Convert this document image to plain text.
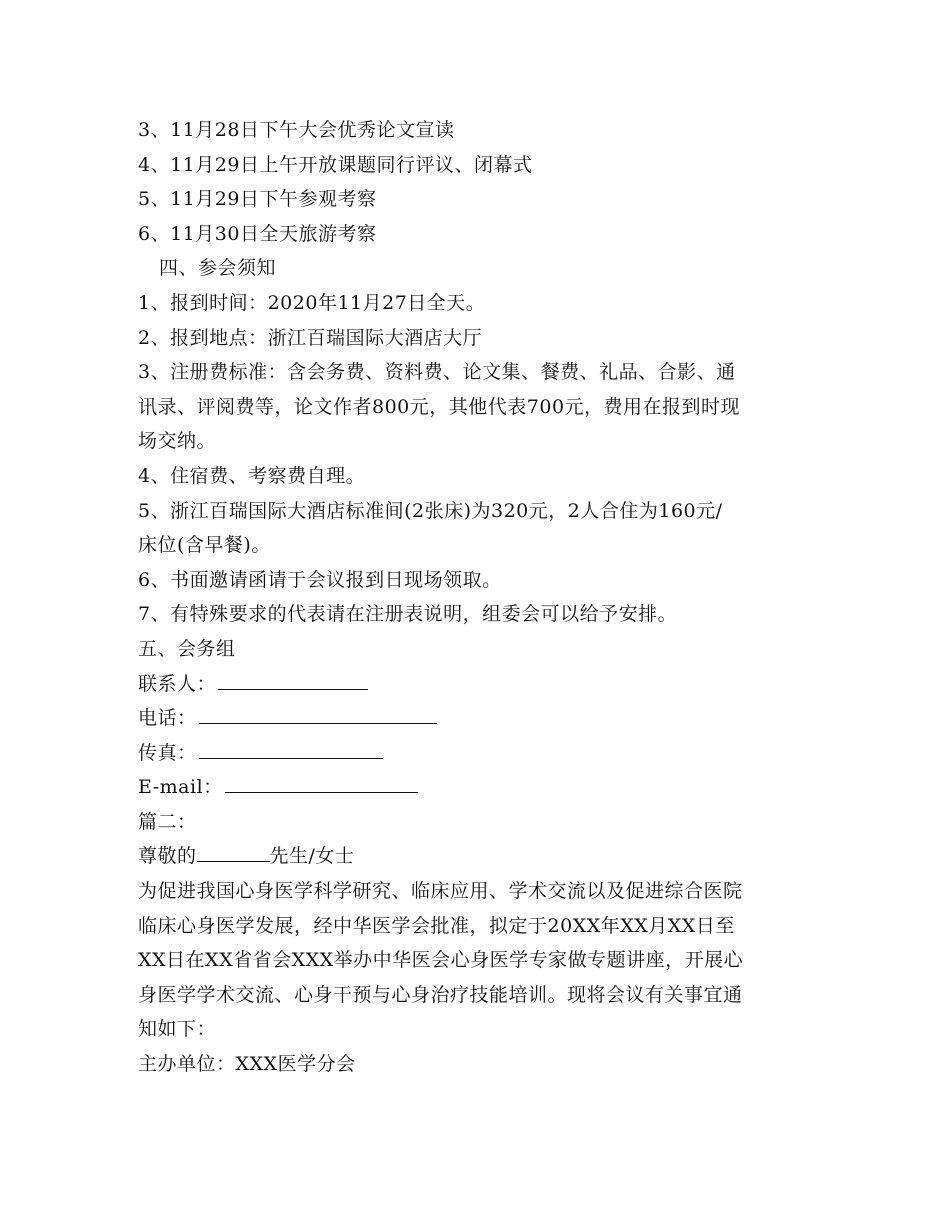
3、11月28日下午大会优秀论文宣读
4、11月29日上午开放课题同行评议、闭幕式
5、11月29日下午参观考察
6、11月30日全天旅游考察
四、参会须知
1、报到时间：2020年11月27日全天。
2、报到地点：浙江百瑞国际大酒店大厅
3、注册费标准：含会务费、资料费、论文集、餐费、礼品、合影、通
讯录、评阅费等，论文作者800元，其他代表700元，费用在报到时现
场交纳。
4、住宿费、考察费自理。
5、浙江百瑞国际大酒店标准间(2张床)为320元，2人合住为160元/
床位(含早餐)。
6、书面邀请函请于会议报到日现场领取。
7、有特殊要求的代表请在注册表说明，组委会可以给予安排。
五、会务组
联系人：
电话：
传真：
E-mail：
篇二：
尊敬的	先生/女士
为促进我国心身医学科学研究、临床应用、学术交流以及促进综合医院
临床心身医学发展，经中华医学会批准，拟定于20XX年XX月XX日至
XX日在XX省省会XXX举办中华医会心身医学专家做专题讲座，开展心
身医学学术交流、心身干预与心身治疗技能培训。现将会议有关事宜通
知如下：
主办单位：XXX医学分会
